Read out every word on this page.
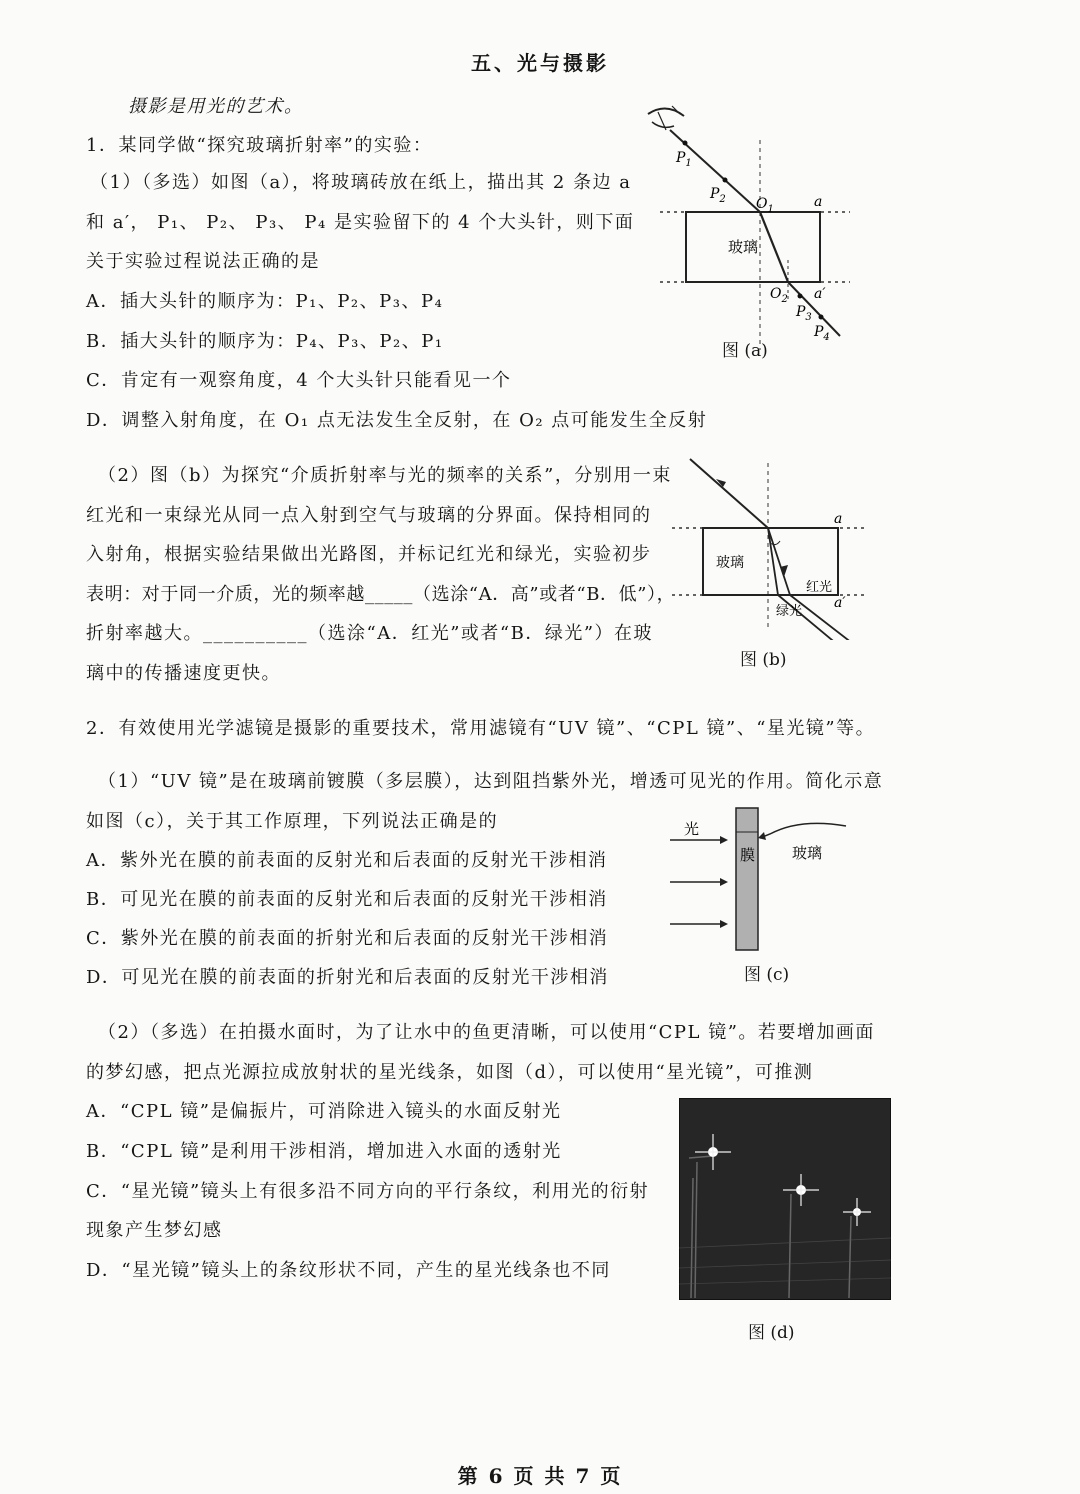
五、光与摄影
摄影是用光的艺术。
1．某同学做“探究玻璃折射率”的实验：
（1）（多选）如图（a），将玻璃砖放在纸上，描出其 2 条边 a
和 a′， P₁、 P₂、 P₃、 P₄ 是实验留下的 4 个大头针，则下面
关于实验过程说法正确的是
A．插大头针的顺序为：P₁、P₂、P₃、P₄
B．插大头针的顺序为：P₄、P₃、P₂、P₁
C．肯定有一观察角度，4 个大头针只能看见一个
D．调整入射角度，在 O₁ 点无法发生全反射，在 O₂ 点可能发生全反射
（2）图（b）为探究“介质折射率与光的频率的关系”，分别用一束
红光和一束绿光从同一点入射到空气与玻璃的分界面。保持相同的
入射角，根据实验结果做出光路图，并标记红光和绿光，实验初步
表明：对于同一介质，光的频率越_____（选涂“A．高”或者“B．低”），
折射率越大。__________（选涂“A．红光”或者“B．绿光”）在玻
璃中的传播速度更快。
2．有效使用光学滤镜是摄影的重要技术，常用滤镜有“UV 镜”、“CPL 镜”、“星光镜”等。
（1）“UV 镜”是在玻璃前镀膜（多层膜），达到阻挡紫外光，增透可见光的作用。简化示意
如图（c），关于其工作原理，下列说法正确是的
A．紫外光在膜的前表面的反射光和后表面的反射光干涉相消
B．可见光在膜的前表面的反射光和后表面的反射光干涉相消
C．紫外光在膜的前表面的折射光和后表面的反射光干涉相消
D．可见光在膜的前表面的折射光和后表面的反射光干涉相消
（2）（多选）在拍摄水面时，为了让水中的鱼更清晰，可以使用“CPL 镜”。若要增加画面
的梦幻感，把点光源拉成放射状的星光线条，如图（d），可以使用“星光镜”，可推测
A．“CPL 镜”是偏振片，可消除进入镜头的水面反射光
B．“CPL 镜”是利用干涉相消，增加进入水面的透射光
C．“星光镜”镜头上有很多沿不同方向的平行条纹，利用光的衍射
现象产生梦幻感
D．“星光镜”镜头上的条纹形状不同，产生的星光线条也不同
$P_1$
$P_2$
$P_3$
$P_4$
$O_1$
$O_2$
a
a′
玻璃
图 (a)
玻璃
红光
绿光
a
a′
图 (b)
光
膜 玻璃
图 (c)
图 (d)
第 6 页 共 7 页
